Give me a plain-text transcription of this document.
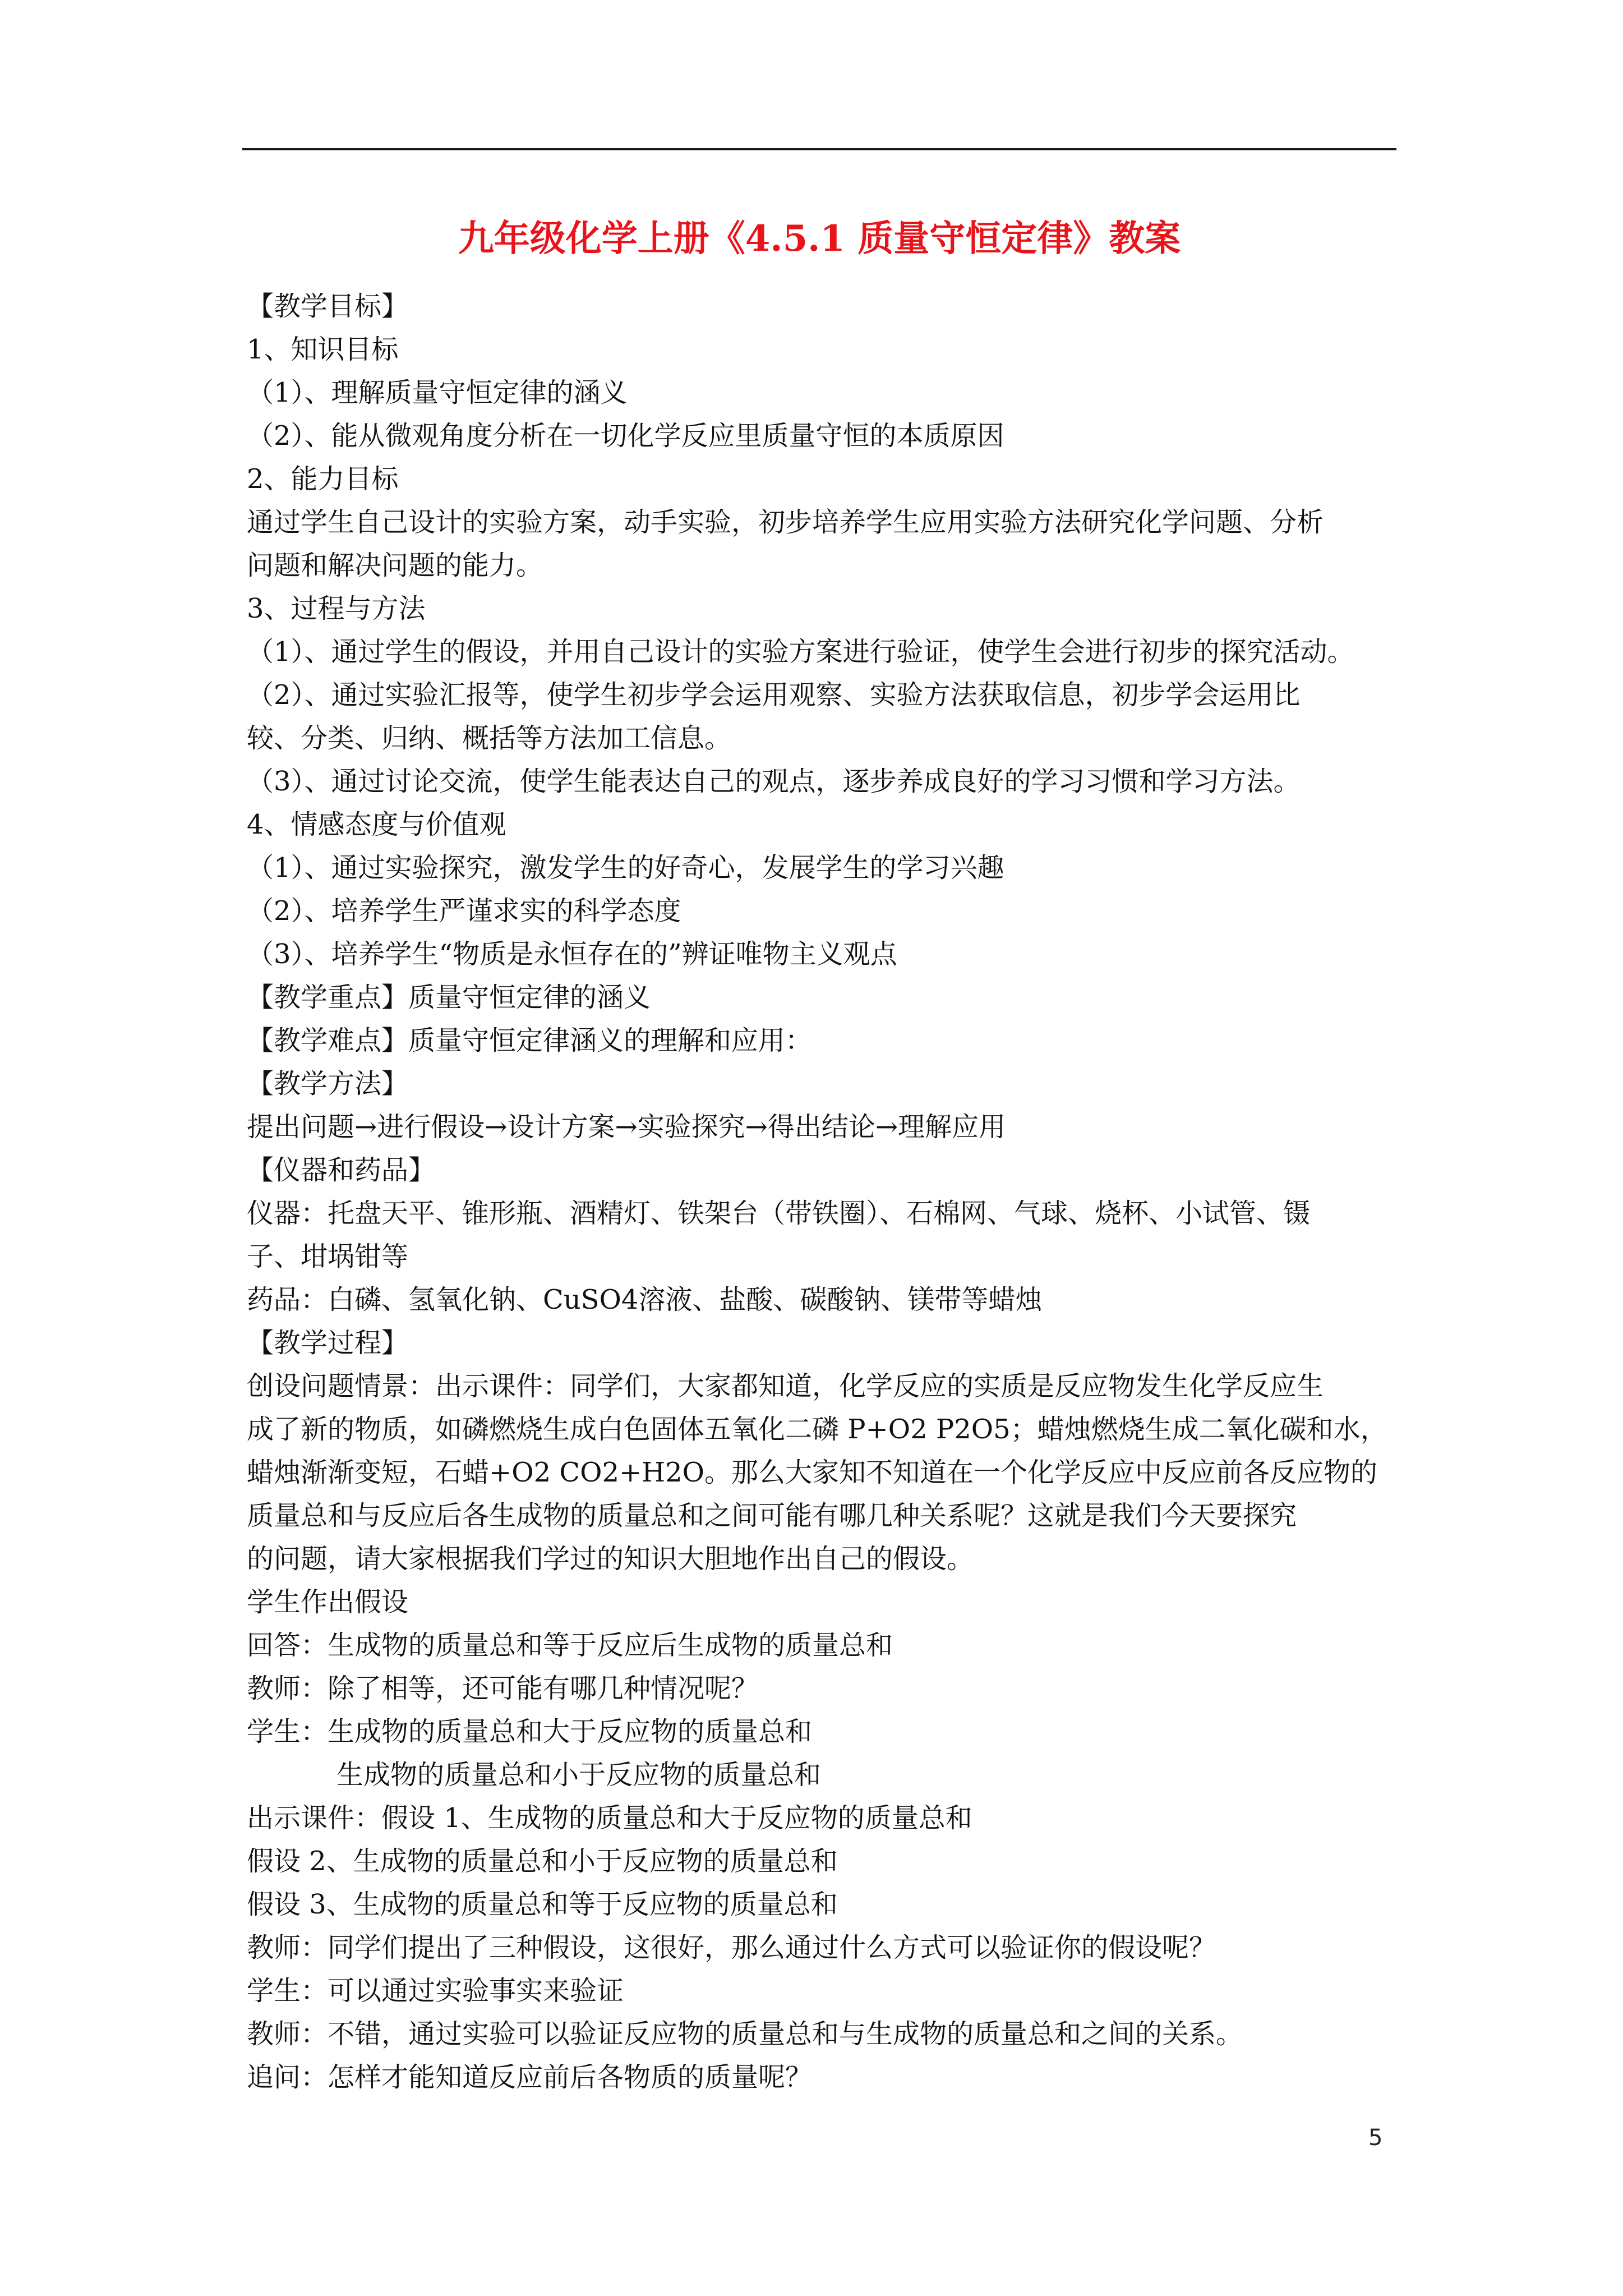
九年级化学上册《4.5.1 质量守恒定律》教案
【教学目标】
1、知识目标
（1）、理解质量守恒定律的涵义
（2）、能从微观角度分析在一切化学反应里质量守恒的本质原因
2、能力目标
通过学生自己设计的实验方案，动手实验，初步培养学生应用实验方法研究化学问题、分析
问题和解决问题的能力。
3、过程与方法
（1）、通过学生的假设，并用自己设计的实验方案进行验证，使学生会进行初步的探究活动。
（2）、通过实验汇报等，使学生初步学会运用观察、实验方法获取信息，初步学会运用比
较、分类、归纳、概括等方法加工信息。
（3）、通过讨论交流，使学生能表达自己的观点，逐步养成良好的学习习惯和学习方法。
4、情感态度与价值观
（1）、通过实验探究，激发学生的好奇心，发展学生的学习兴趣
（2）、培养学生严谨求实的科学态度
（3）、培养学生“物质是永恒存在的”辨证唯物主义观点
【教学重点】质量守恒定律的涵义
【教学难点】质量守恒定律涵义的理解和应用：
【教学方法】
提出问题→进行假设→设计方案→实验探究→得出结论→理解应用
【仪器和药品】
仪器：托盘天平、锥形瓶、酒精灯、铁架台（带铁圈）、石棉网、气球、烧杯、小试管、镊
子、坩埚钳等
药品：白磷、氢氧化钠、CuSO4溶液、盐酸、碳酸钠、镁带等蜡烛
【教学过程】
创设问题情景：出示课件：同学们，大家都知道，化学反应的实质是反应物发生化学反应生
成了新的物质，如磷燃烧生成白色固体五氧化二磷 P+O2 P2O5；蜡烛燃烧生成二氧化碳和水，
蜡烛渐渐变短，石蜡+O2 CO2+H2O。那么大家知不知道在一个化学反应中反应前各反应物的
质量总和与反应后各生成物的质量总和之间可能有哪几种关系呢？这就是我们今天要探究
的问题，请大家根据我们学过的知识大胆地作出自己的假设。
学生作出假设
回答：生成物的质量总和等于反应后生成物的质量总和
教师：除了相等，还可能有哪几种情况呢？
学生：生成物的质量总和大于反应物的质量总和
生成物的质量总和小于反应物的质量总和
出示课件：假设 1、生成物的质量总和大于反应物的质量总和
假设 2、生成物的质量总和小于反应物的质量总和
假设 3、生成物的质量总和等于反应物的质量总和
教师：同学们提出了三种假设，这很好，那么通过什么方式可以验证你的假设呢？
学生：可以通过实验事实来验证
教师：不错，通过实验可以验证反应物的质量总和与生成物的质量总和之间的关系。
追问：怎样才能知道反应前后各物质的质量呢？
5
